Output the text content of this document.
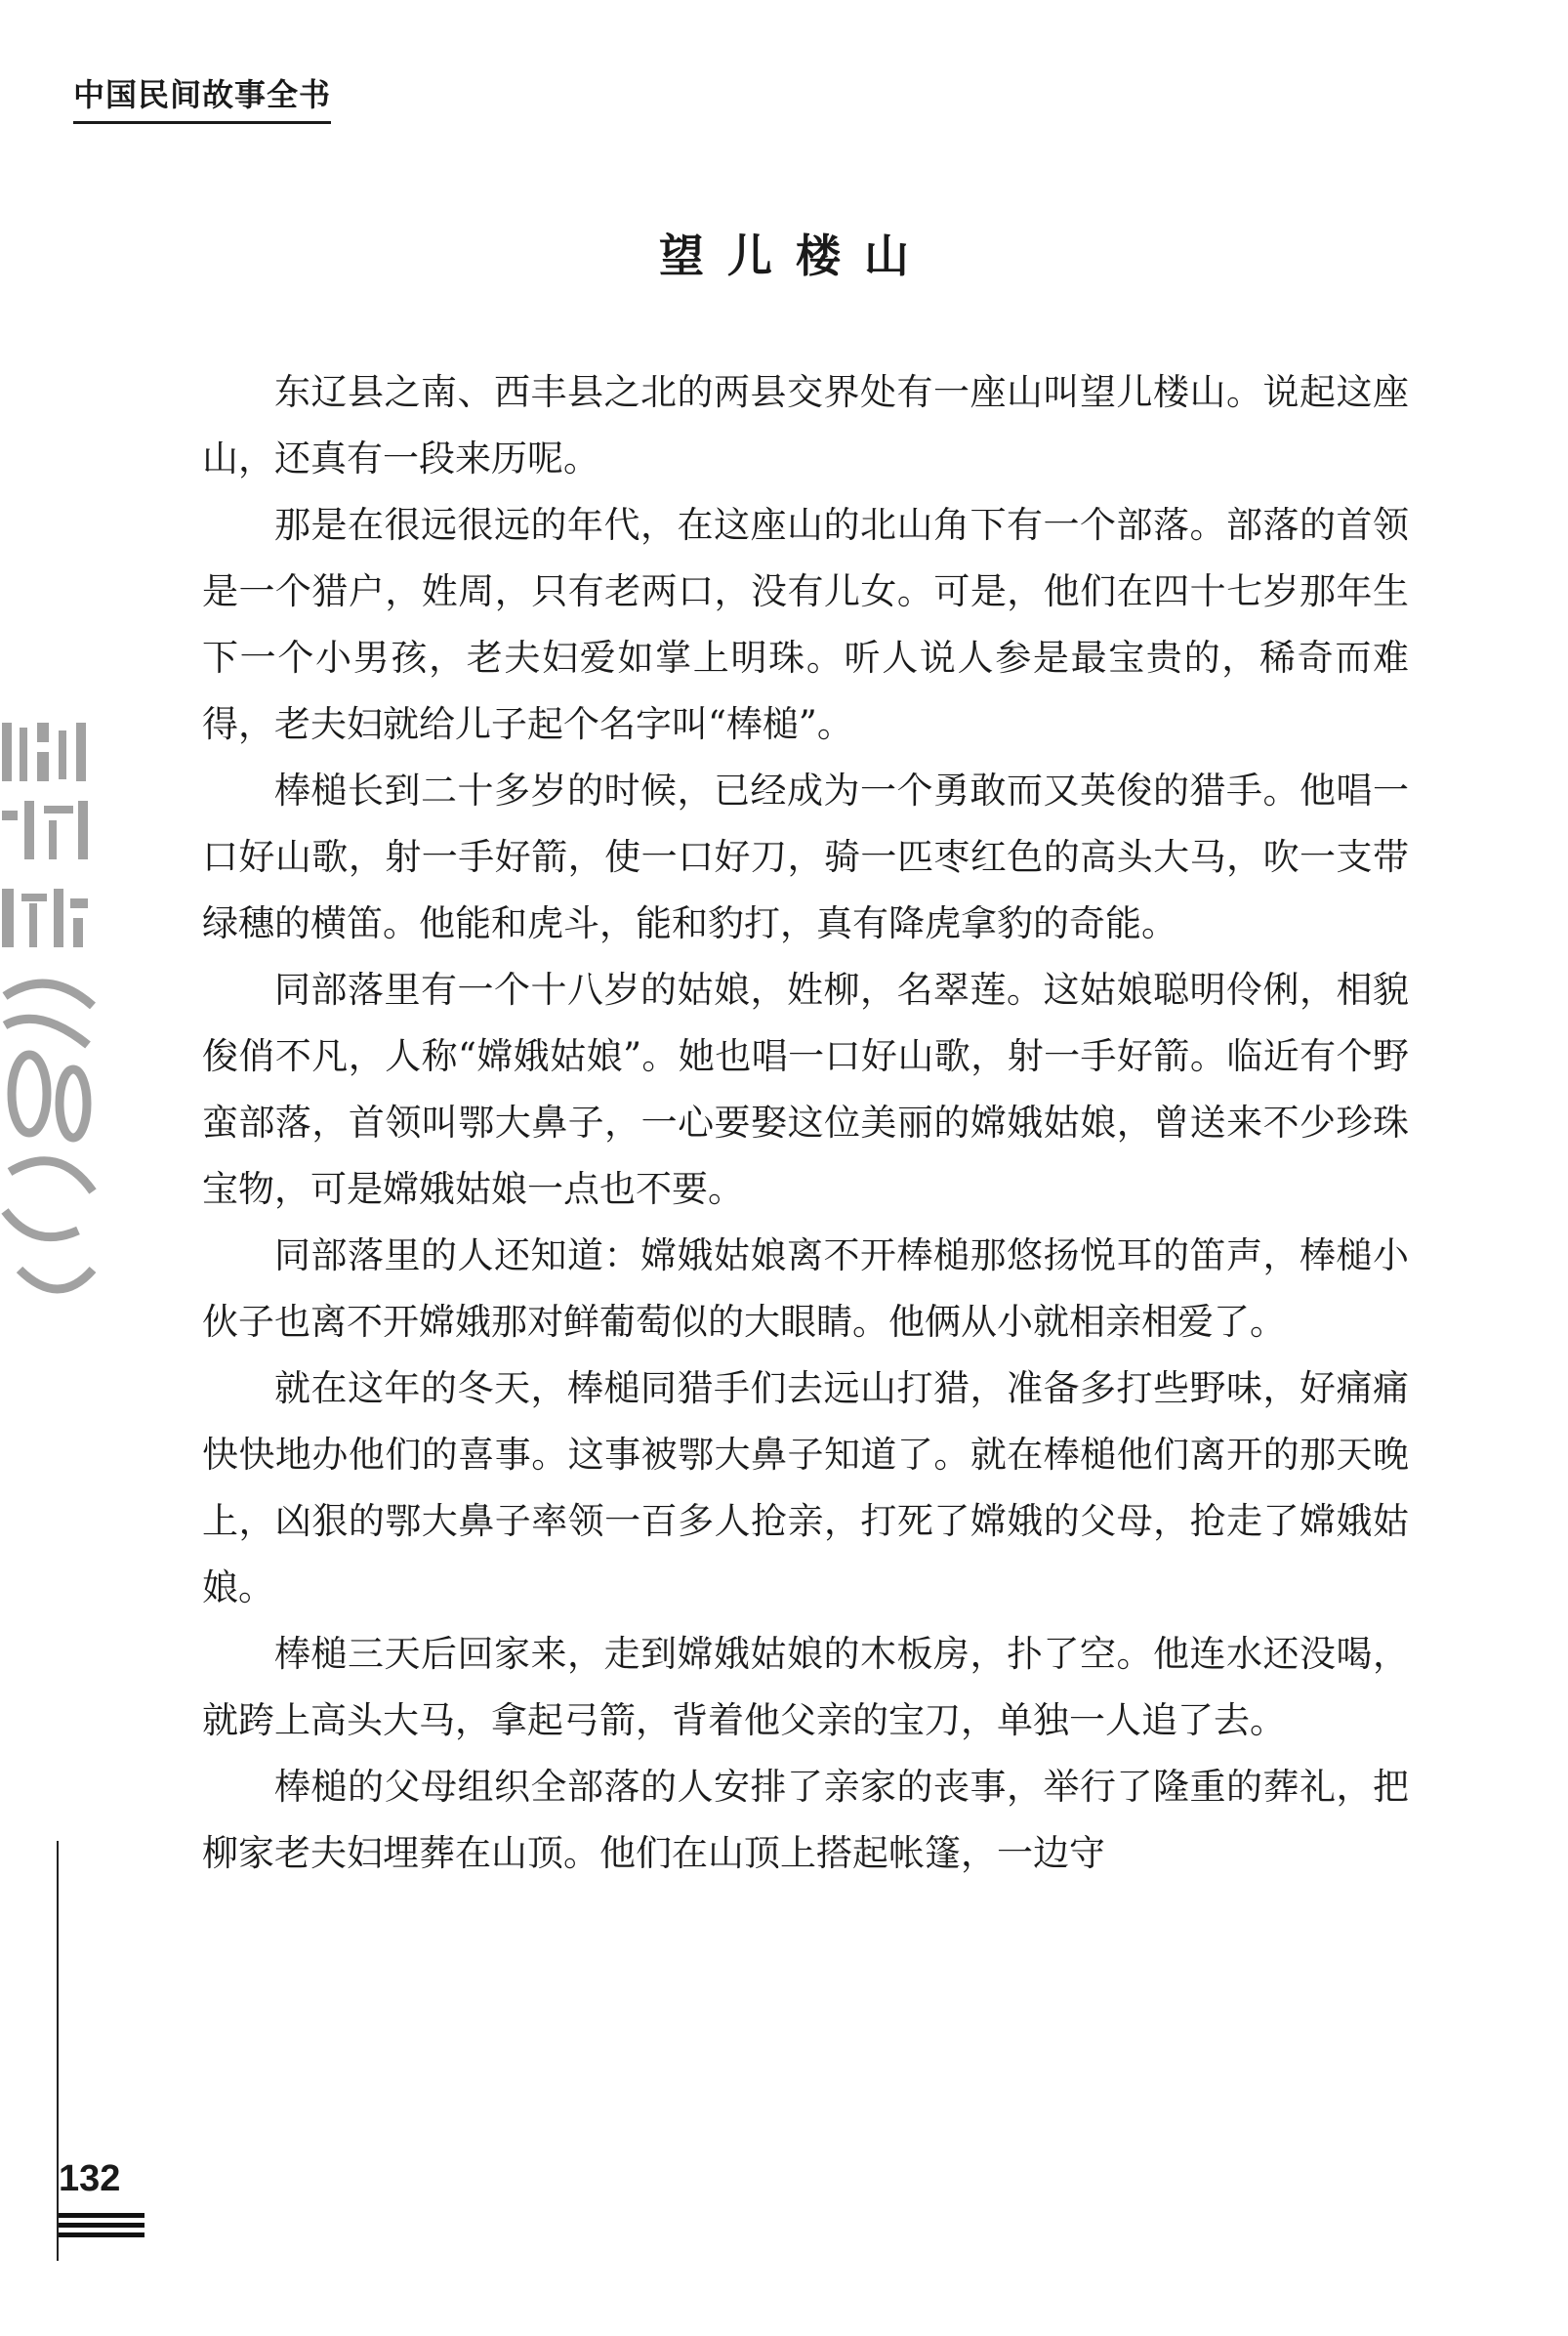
中国民间故事全书
望儿楼山

东辽县之南、西丰县之北的两县交界处有一座山叫望儿楼山。说起这座山，还真有一段来历呢。

那是在很远很远的年代，在这座山的北山角下有一个部落。部落的首领是一个猎户，姓周，只有老两口，没有儿女。可是，他们在四十七岁那年生下一个小男孩，老夫妇爱如掌上明珠。听人说人参是最宝贵的，稀奇而难得，老夫妇就给儿子起个名字叫“棒槌”。

棒槌长到二十多岁的时候，已经成为一个勇敢而又英俊的猎手。他唱一口好山歌，射一手好箭，使一口好刀，骑一匹枣红色的高头大马，吹一支带绿穗的横笛。他能和虎斗，能和豹打，真有降虎拿豹的奇能。

同部落里有一个十八岁的姑娘，姓柳，名翠莲。这姑娘聪明伶俐，相貌俊俏不凡，人称“嫦娥姑娘”。她也唱一口好山歌，射一手好箭。临近有个野蛮部落，首领叫鄂大鼻子，一心要娶这位美丽的嫦娥姑娘，曾送来不少珍珠宝物，可是嫦娥姑娘一点也不要。

同部落里的人还知道：嫦娥姑娘离不开棒槌那悠扬悦耳的笛声，棒槌小伙子也离不开嫦娥那对鲜葡萄似的大眼睛。他俩从小就相亲相爱了。

就在这年的冬天，棒槌同猎手们去远山打猎，准备多打些野味，好痛痛快快地办他们的喜事。这事被鄂大鼻子知道了。就在棒槌他们离开的那天晚上，凶狠的鄂大鼻子率领一百多人抢亲，打死了嫦娥的父母，抢走了嫦娥姑娘。

棒槌三天后回家来，走到嫦娥姑娘的木板房，扑了空。他连水还没喝，就跨上高头大马，拿起弓箭，背着他父亲的宝刀，单独一人追了去。

棒槌的父母组织全部落的人安排了亲家的丧事，举行了隆重的葬礼，把柳家老夫妇埋葬在山顶。他们在山顶上搭起帐篷，一边守

132
